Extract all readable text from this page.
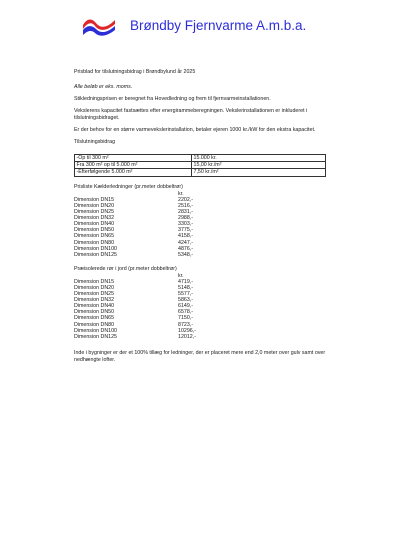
Brøndby Fjernvarme A.m.b.a.
Prisblad for tilslutningsbidrag i Brøndbylund år 2025
Alle beløb er eks. moms.
Stikledningsprisen er beregnet fra Hovedledning og frem til fjernvarmeinstallationen.
Vekslerens kapacitet fastsættes efter energirammeberegningen. Vekslerinstallationen er inkluderet i tilslutningsbidraget.
Er der behov for en større varmevekslerinstallation, betaler ejeren 1000 kr./kW for den ekstra kapacitet.
Tilslutningsbidrag
-Op til 300 m²	15.000 kr.
Fra 300 m² op til 5.000 m²	15,00 kr./m²
-Efterfølgende 5.000 m²	7,50 kr./m²
Prisliste Kælderledninger (pr.meter dobbeltrør)
kr.
Dimension DN15	2202,-
Dimension DN20	2516,-
Dimension DN25	2831,-
Dimension DN32	2988,-
Dimension DN40	3303,-
Dimension DN50	3775,-
Dimension DN65	4158,-
Dimension DN80	4247,-
Dimension DN100	4876,-
Dimension DN125	5348,-
Præisolerede rør i jord (pr.meter dobbeltrør)
kr.
Dimension DN15	4719,-
Dimension DN20	5148,-
Dimension DN25	5577,-
Dimension DN32	5863,-
Dimension DN40	6149,-
Dimension DN50	6578,-
Dimension DN65	7150,-
Dimension DN80	8723,-
Dimension DN100	10296,-
Dimension DN125	12012,-
Inde i bygninger er der et 100% tillæg for ledninger, der er placeret mere end 2,0 meter over gulv samt over nedhængte lofter.
